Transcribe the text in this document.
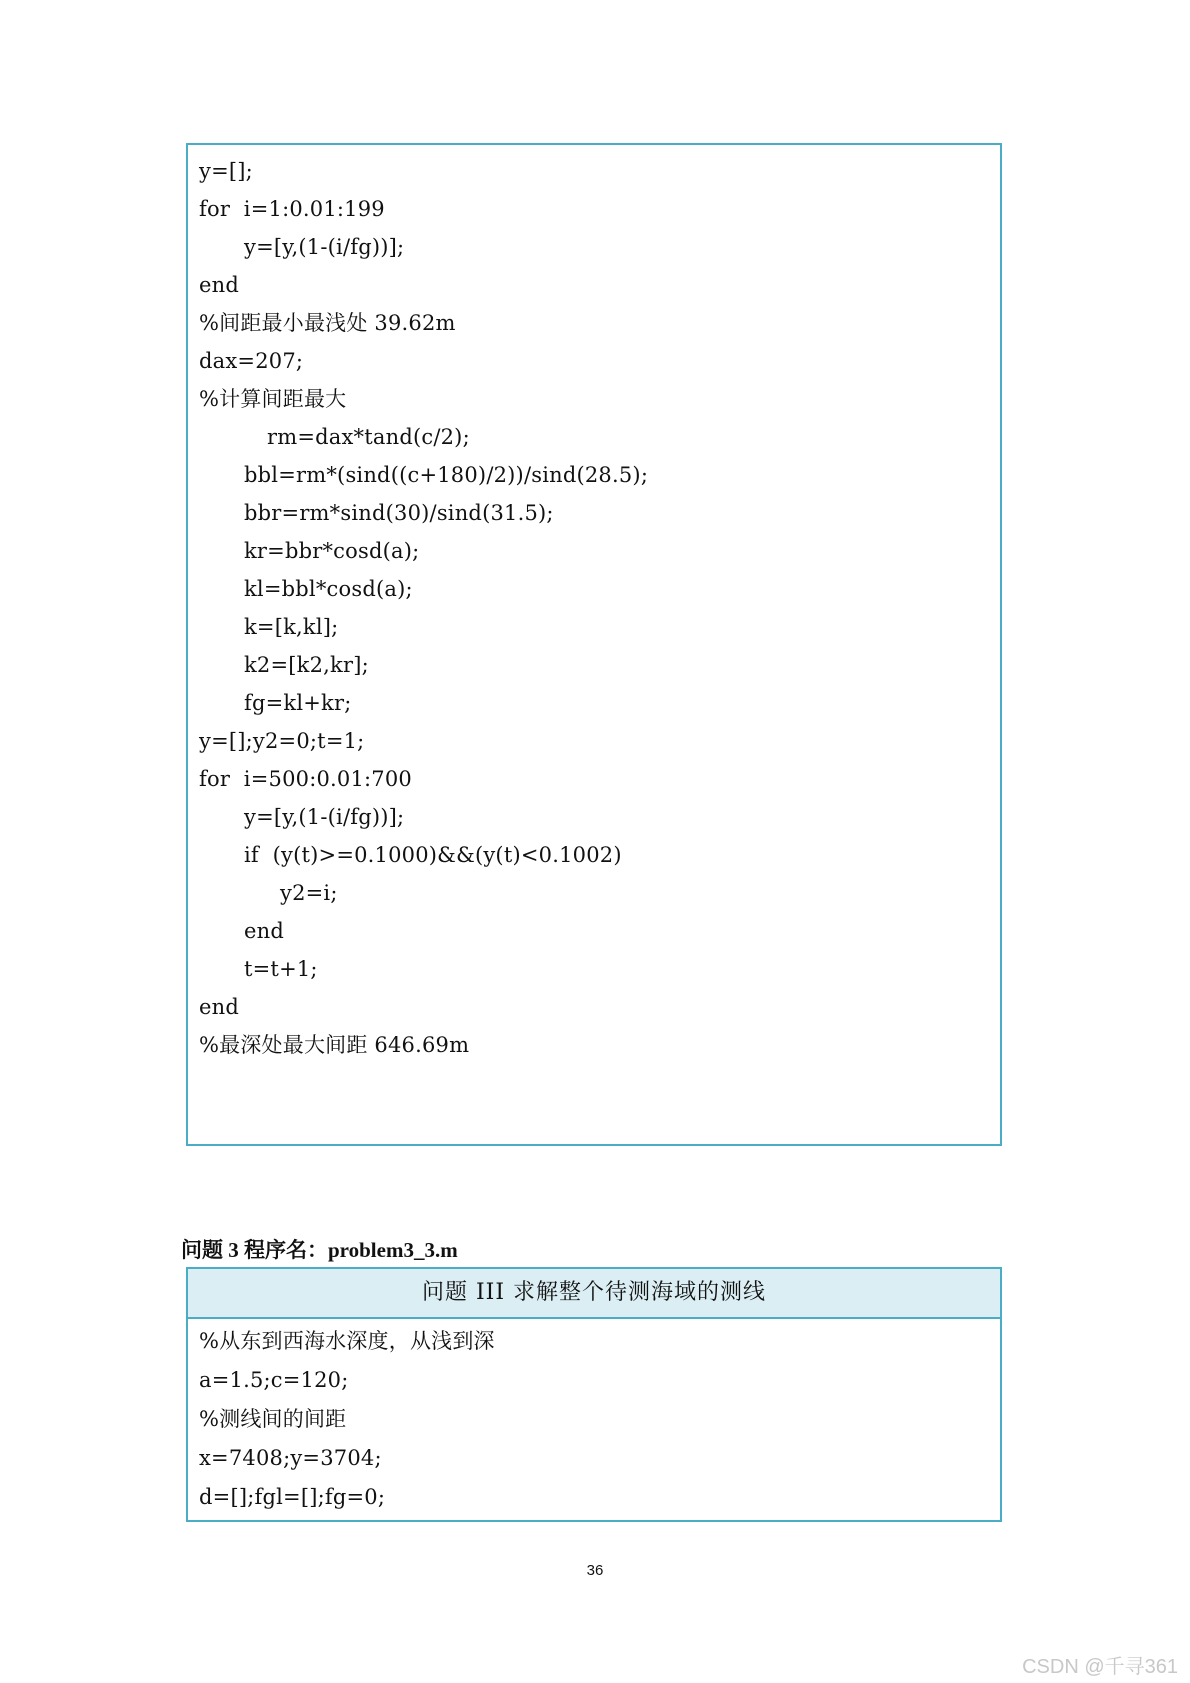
y=[];
for  i=1:0.01:199
y=[y,(1-(i/fg))];
end
%间距最小最浅处 39.62m
dax=207;
%计算间距最大
rm=dax*tand(c/2);
bbl=rm*(sind((c+180)/2))/sind(28.5);
bbr=rm*sind(30)/sind(31.5);
kr=bbr*cosd(a);
kl=bbl*cosd(a);
k=[k,kl];
k2=[k2,kr];
fg=kl+kr;
y=[];y2=0;t=1;
for  i=500:0.01:700
y=[y,(1-(i/fg))];
if  (y(t)>=0.1000)&&(y(t)<0.1002)
y2=i;
end
t=t+1;
end
%最深处最大间距 646.69m
问题 3 程序名：problem3_3.m
问题 III 求解整个待测海域的测线
%从东到西海水深度，从浅到深
a=1.5;c=120;
%测线间的间距
x=7408;y=3704;
d=[];fgl=[];fg=0;
36
CSDN @千寻361
